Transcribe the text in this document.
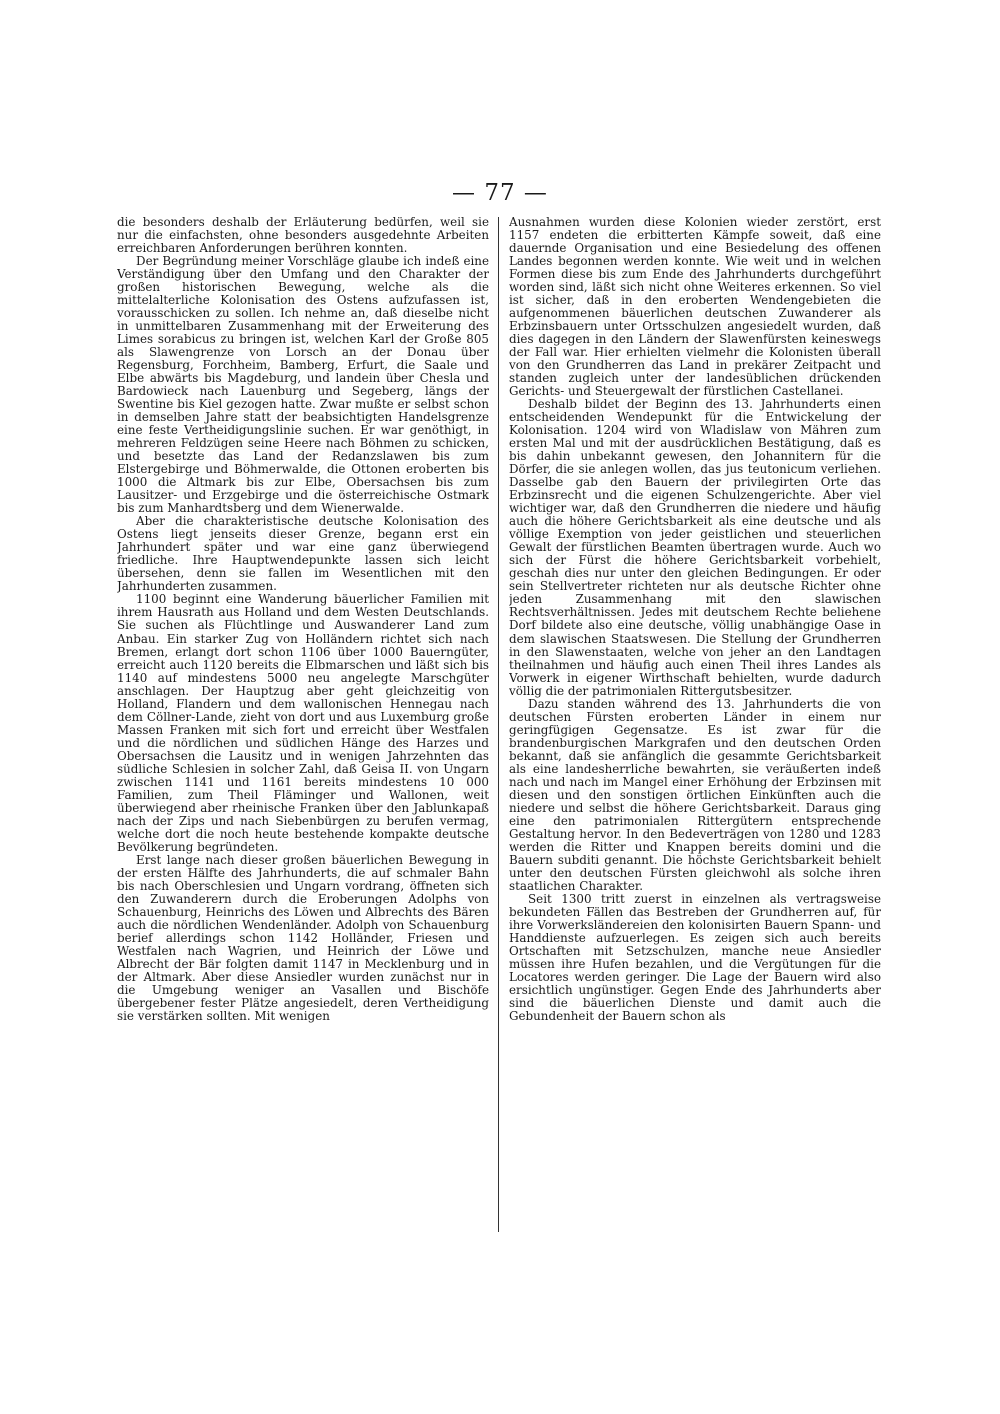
— 77 —

die besonders deshalb der Erläuterung bedürfen, weil sie nur die einfachsten, ohne besonders ausgedehnte Arbeiten erreichbaren Anforderungen berühren konnten.

Der Begründung meiner Vorschläge glaube ich indeß eine Verständigung über den Umfang und den Charakter der großen historischen Bewegung, welche als die mittelalterliche Kolonisation des Ostens aufzufassen ist, vorausschicken zu sollen. Ich nehme an, daß dieselbe nicht in unmittelbaren Zusammenhang mit der Erweiterung des Limes sorabicus zu bringen ist, welchen Karl der Große 805 als Slawengrenze von Lorsch an der Donau über Regensburg, Forchheim, Bamberg, Erfurt, die Saale und Elbe abwärts bis Magdeburg, und landein über Chesla und Bardowieck nach Lauenburg und Segeberg, längs der Swentine bis Kiel gezogen hatte. Zwar mußte er selbst schon in demselben Jahre statt der beabsichtigten Handelsgrenze eine feste Vertheidigungslinie suchen. Er war genöthigt, in mehreren Feldzügen seine Heere nach Böhmen zu schicken, und besetzte das Land der Redanzslawen bis zum Elstergebirge und Böhmerwalde, die Ottonen eroberten bis 1000 die Altmark bis zur Elbe, Obersachsen bis zum Lausitzer- und Erzgebirge und die österreichische Ostmark bis zum Manhardtsberg und dem Wienerwalde.

Aber die charakteristische deutsche Kolonisation des Ostens liegt jenseits dieser Grenze, begann erst ein Jahrhundert später und war eine ganz überwiegend friedliche. Ihre Hauptwendepunkte lassen sich leicht übersehen, denn sie fallen im Wesentlichen mit den Jahrhunderten zusammen.

1100 beginnt eine Wanderung bäuerlicher Familien mit ihrem Hausrath aus Holland und dem Westen Deutschlands. Sie suchen als Flüchtlinge und Auswanderer Land zum Anbau. Ein starker Zug von Holländern richtet sich nach Bremen, erlangt dort schon 1106 über 1000 Bauerngüter, erreicht auch 1120 bereits die Elbmarschen und läßt sich bis 1140 auf mindestens 5000 neu angelegte Marschgüter anschlagen. Der Hauptzug aber geht gleichzeitig von Holland, Flandern und dem wallonischen Hennegau nach dem Cöllner-Lande, zieht von dort und aus Luxemburg große Massen Franken mit sich fort und erreicht über Westfalen und die nördlichen und südlichen Hänge des Harzes und Obersachsen die Lausitz und in wenigen Jahrzehnten das südliche Schlesien in solcher Zahl, daß Geisa II. von Ungarn zwischen 1141 und 1161 bereits mindestens 10 000 Familien, zum Theil Fläminger und Wallonen, weit überwiegend aber rheinische Franken über den Jablunkapaß nach der Zips und nach Siebenbürgen zu berufen vermag, welche dort die noch heute bestehende kompakte deutsche Bevölkerung begründeten.

Erst lange nach dieser großen bäuerlichen Bewegung in der ersten Hälfte des Jahrhunderts, die auf schmaler Bahn bis nach Oberschlesien und Ungarn vordrang, öffneten sich den Zuwanderern durch die Eroberungen Adolphs von Schauenburg, Heinrichs des Löwen und Albrechts des Bären auch die nördlichen Wendenländer. Adolph von Schauenburg berief allerdings schon 1142 Holländer, Friesen und Westfalen nach Wagrien, und Heinrich der Löwe und Albrecht der Bär folgten damit 1147 in Mecklenburg und in der Altmark. Aber diese Ansiedler wurden zunächst nur in die Umgebung weniger an Vasallen und Bischöfe übergebener fester Plätze angesiedelt, deren Vertheidigung sie verstärken sollten. Mit wenigen

Ausnahmen wurden diese Kolonien wieder zerstört, erst 1157 endeten die erbitterten Kämpfe soweit, daß eine dauernde Organisation und eine Besiedelung des offenen Landes begonnen werden konnte. Wie weit und in welchen Formen diese bis zum Ende des Jahrhunderts durchgeführt worden sind, läßt sich nicht ohne Weiteres erkennen. So viel ist sicher, daß in den eroberten Wendengebieten die aufgenommenen bäuerlichen deutschen Zuwanderer als Erbzinsbauern unter Ortsschulzen angesiedelt wurden, daß dies dagegen in den Ländern der Slawenfürsten keineswegs der Fall war. Hier erhielten vielmehr die Kolonisten überall von den Grundherren das Land in prekärer Zeitpacht und standen zugleich unter der landesüblichen drückenden Gerichts- und Steuergewalt der fürstlichen Castellanei.

Deshalb bildet der Beginn des 13. Jahrhunderts einen entscheidenden Wendepunkt für die Entwickelung der Kolonisation. 1204 wird von Wladislaw von Mähren zum ersten Mal und mit der ausdrücklichen Bestätigung, daß es bis dahin unbekannt gewesen, den Johannitern für die Dörfer, die sie anlegen wollen, das jus teutonicum verliehen. Dasselbe gab den Bauern der privilegirten Orte das Erbzinsrecht und die eigenen Schulzengerichte. Aber viel wichtiger war, daß den Grundherren die niedere und häufig auch die höhere Gerichtsbarkeit als eine deutsche und als völlige Exemption von jeder geistlichen und steuerlichen Gewalt der fürstlichen Beamten übertragen wurde. Auch wo sich der Fürst die höhere Gerichtsbarkeit vorbehielt, geschah dies nur unter den gleichen Bedingungen. Er oder sein Stellvertreter richteten nur als deutsche Richter ohne jeden Zusammenhang mit den slawischen Rechtsverhältnissen. Jedes mit deutschem Rechte beliehene Dorf bildete also eine deutsche, völlig unabhängige Oase in dem slawischen Staatswesen. Die Stellung der Grundherren in den Slawenstaaten, welche von jeher an den Landtagen theilnahmen und häufig auch einen Theil ihres Landes als Vorwerk in eigener Wirthschaft behielten, wurde dadurch völlig die der patrimonialen Rittergutsbesitzer.

Dazu standen während des 13. Jahrhunderts die von deutschen Fürsten eroberten Länder in einem nur geringfügigen Gegensatze. Es ist zwar für die brandenburgischen Markgrafen und den deutschen Orden bekannt, daß sie anfänglich die gesammte Gerichtsbarkeit als eine landesherrliche bewahrten, sie veräußerten indeß nach und nach im Mangel einer Erhöhung der Erbzinsen mit diesen und den sonstigen örtlichen Einkünften auch die niedere und selbst die höhere Gerichtsbarkeit. Daraus ging eine den patrimonialen Rittergütern entsprechende Gestaltung hervor. In den Bedeverträgen von 1280 und 1283 werden die Ritter und Knappen bereits domini und die Bauern subditi genannt. Die höchste Gerichtsbarkeit behielt unter den deutschen Fürsten gleichwohl als solche ihren staatlichen Charakter.

Seit 1300 tritt zuerst in einzelnen als vertragsweise bekundeten Fällen das Bestreben der Grundherren auf, für ihre Vorwerksländereien den kolonisirten Bauern Spann- und Handdienste aufzuerlegen. Es zeigen sich auch bereits Ortschaften mit Setzschulzen, manche neue Ansiedler müssen ihre Hufen bezahlen, und die Vergütungen für die Locatores werden geringer. Die Lage der Bauern wird also ersichtlich ungünstiger. Gegen Ende des Jahrhunderts aber sind die bäuerlichen Dienste und damit auch die Gebundenheit der Bauern schon als
